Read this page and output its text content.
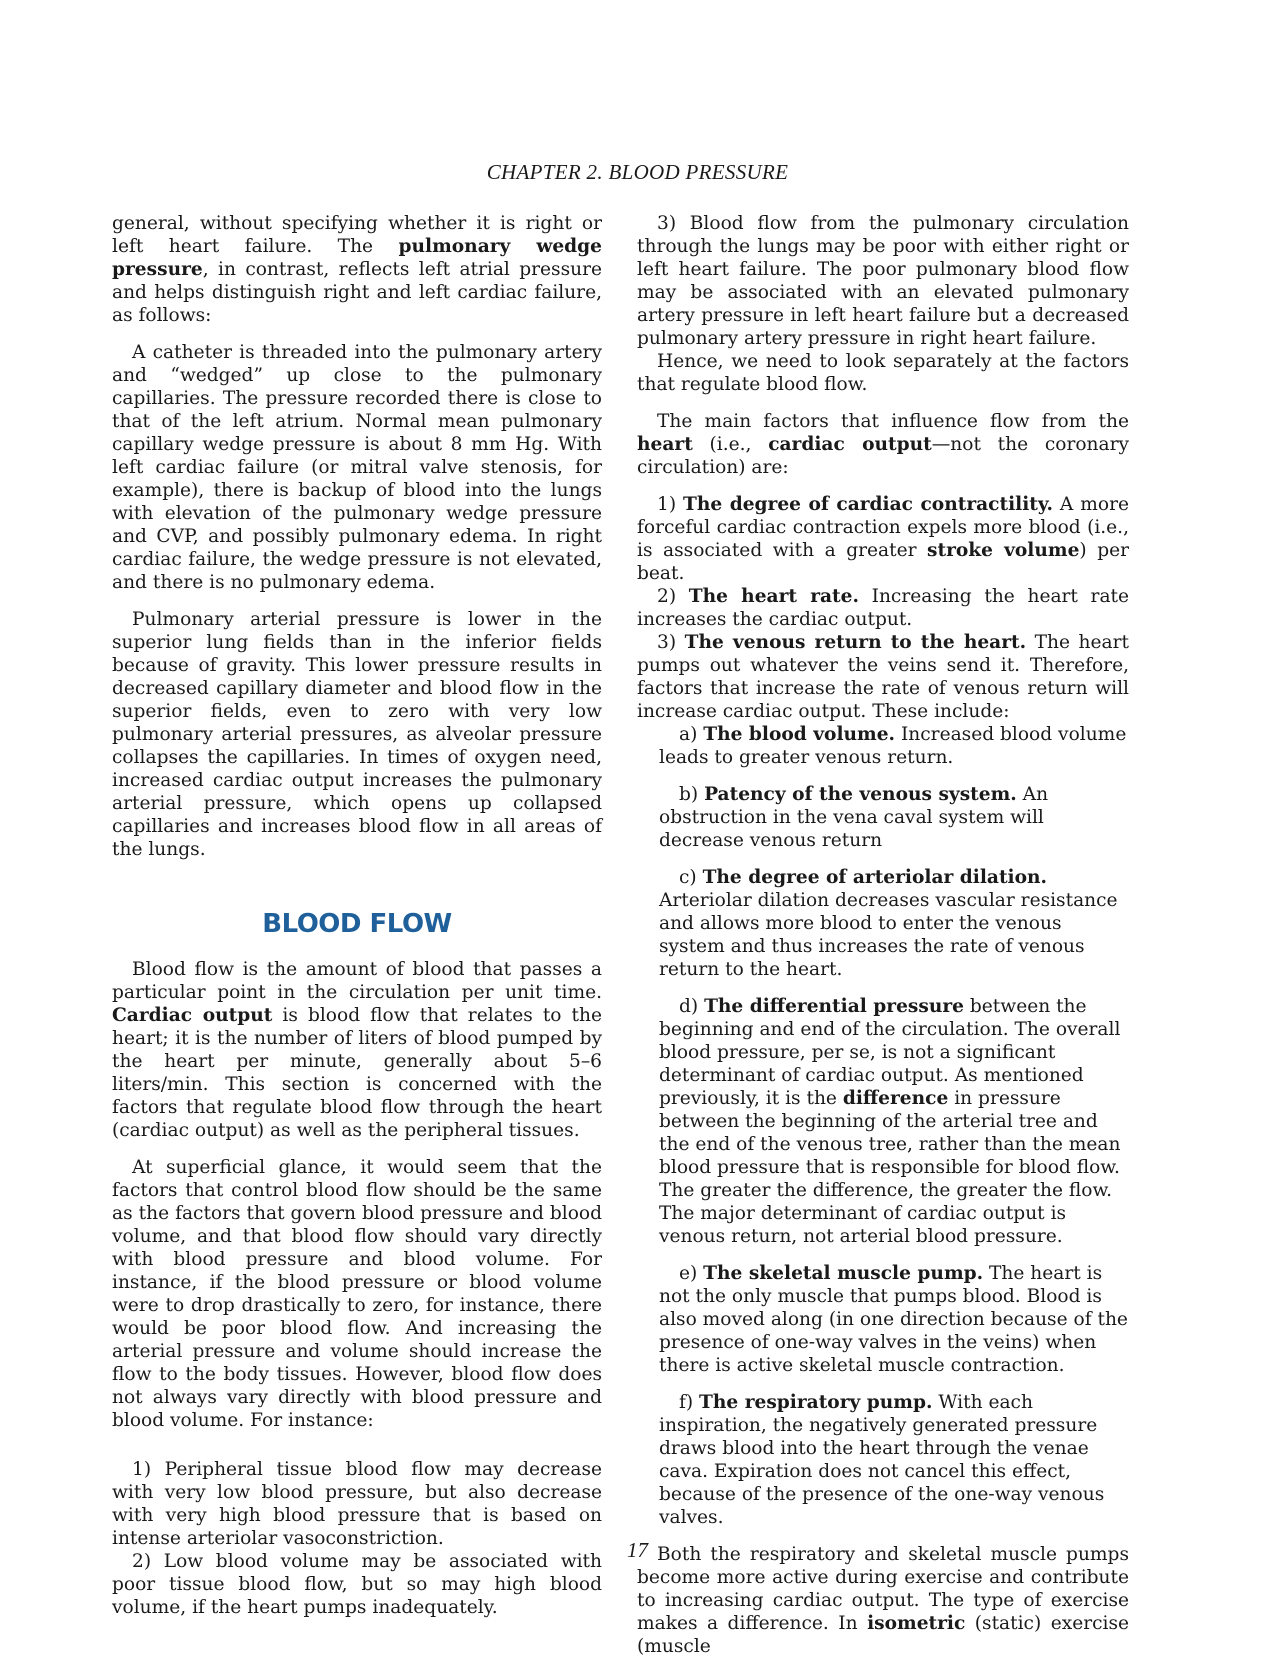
CHAPTER 2. BLOOD PRESSURE

general, without specifying whether it is right or left heart failure. The pulmonary wedge pressure, in contrast, reflects left atrial pressure and helps distinguish right and left cardiac failure, as follows:

A catheter is threaded into the pulmonary artery and “wedged” up close to the pulmonary capillaries. The pressure recorded there is close to that of the left atrium. Normal mean pulmonary capillary wedge pressure is about 8 mm Hg. With left cardiac failure (or mitral valve stenosis, for example), there is backup of blood into the lungs with elevation of the pulmonary wedge pressure and CVP, and possibly pulmonary edema. In right cardiac failure, the wedge pressure is not elevated, and there is no pulmonary edema.

Pulmonary arterial pressure is lower in the superior lung fields than in the inferior fields because of gravity. This lower pressure results in decreased capillary diameter and blood flow in the superior fields, even to zero with very low pulmonary arterial pressures, as alveolar pressure collapses the capillaries. In times of oxygen need, increased cardiac output increases the pulmonary arterial pressure, which opens up collapsed capillaries and increases blood flow in all areas of the lungs.

BLOOD FLOW

Blood flow is the amount of blood that passes a particular point in the circulation per unit time. Cardiac output is blood flow that relates to the heart; it is the number of liters of blood pumped by the heart per minute, generally about 5–6 liters/min. This section is concerned with the factors that regulate blood flow through the heart (cardiac output) as well as the peripheral tissues.

At superficial glance, it would seem that the factors that control blood flow should be the same as the factors that govern blood pressure and blood volume, and that blood flow should vary directly with blood pressure and blood volume. For instance, if the blood pressure or blood volume were to drop drastically to zero, for instance, there would be poor blood flow. And increasing the arterial pressure and volume should increase the flow to the body tissues. However, blood flow does not always vary directly with blood pressure and blood volume. For instance:

1) Peripheral tissue blood flow may decrease with very low blood pressure, but also decrease with very high blood pressure that is based on intense arteriolar vasoconstriction.

2) Low blood volume may be associated with poor tissue blood flow, but so may high blood volume, if the heart pumps inadequately.

3) Blood flow from the pulmonary circulation through the lungs may be poor with either right or left heart failure. The poor pulmonary blood flow may be associated with an elevated pulmonary artery pressure in left heart failure but a decreased pulmonary artery pressure in right heart failure.

Hence, we need to look separately at the factors that regulate blood flow.

The main factors that influence flow from the heart (i.e., cardiac output—not the coronary circulation) are:

1) The degree of cardiac contractility. A more forceful cardiac contraction expels more blood (i.e., is associated with a greater stroke volume) per beat.

2) The heart rate. Increasing the heart rate increases the cardiac output.

3) The venous return to the heart. The heart pumps out whatever the veins send it. Therefore, factors that increase the rate of venous return will increase cardiac output. These include:

a) The blood volume. Increased blood volume leads to greater venous return.

b) Patency of the venous system. An obstruction in the vena caval system will decrease venous return

c) The degree of arteriolar dilation. Arteriolar dilation decreases vascular resistance and allows more blood to enter the venous system and thus increases the rate of venous return to the heart.

d) The differential pressure between the beginning and end of the circulation. The overall blood pressure, per se, is not a significant determinant of cardiac output. As mentioned previously, it is the difference in pressure between the beginning of the arterial tree and the end of the venous tree, rather than the mean blood pressure that is responsible for blood flow. The greater the difference, the greater the flow. The major determinant of cardiac output is venous return, not arterial blood pressure.

e) The skeletal muscle pump. The heart is not the only muscle that pumps blood. Blood is also moved along (in one direction because of the presence of one-way valves in the veins) when there is active skeletal muscle contraction.

f) The respiratory pump. With each inspiration, the negatively generated pressure draws blood into the heart through the venae cava. Expiration does not cancel this effect, because of the presence of the one-way venous valves.

Both the respiratory and skeletal muscle pumps become more active during exercise and contribute to increasing cardiac output. The type of exercise makes a difference. In isometric (static) exercise (muscle

17
